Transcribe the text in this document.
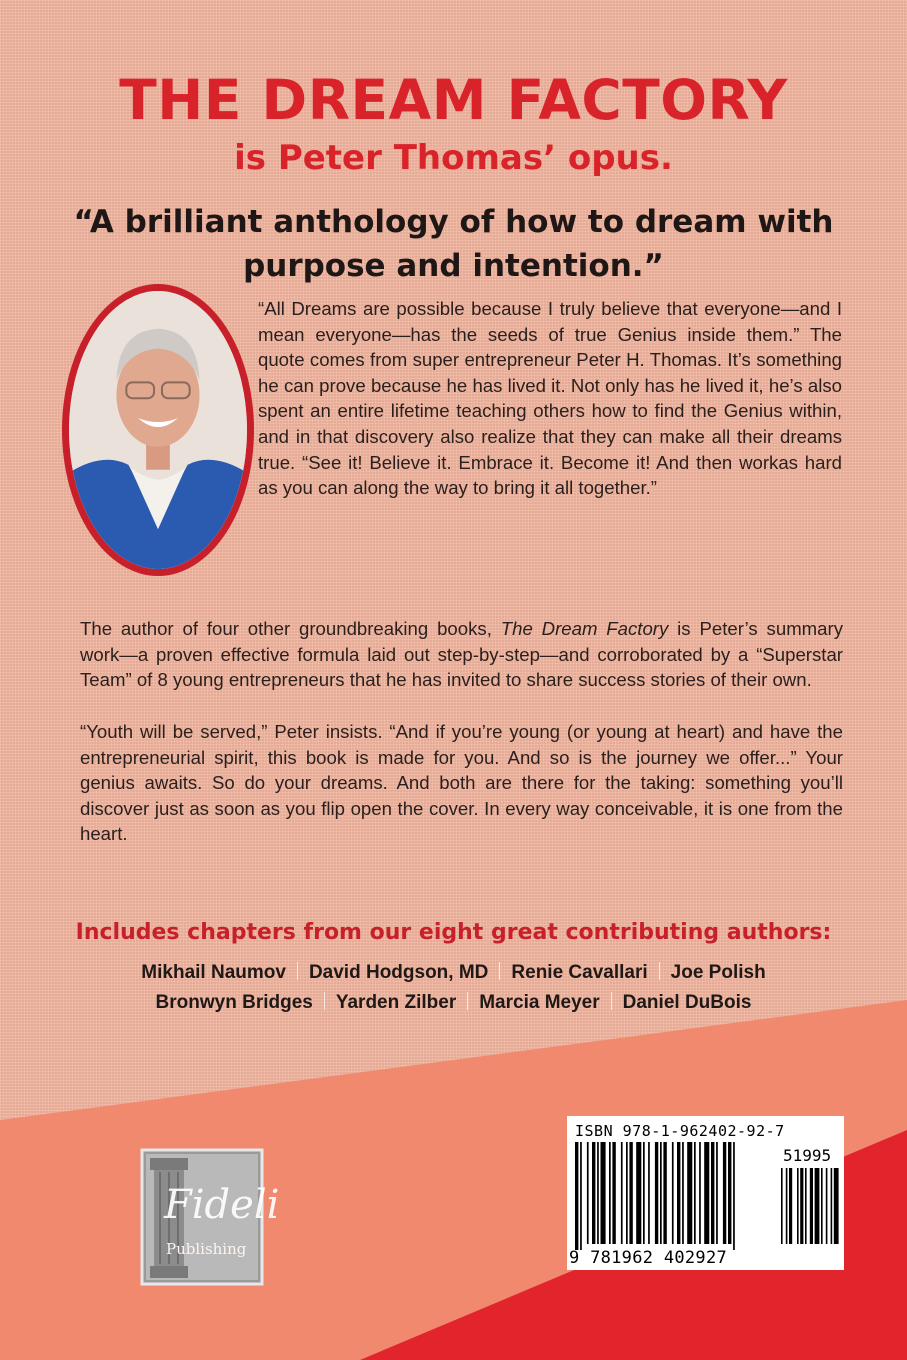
THE DREAM FACTORY
is Peter Thomas’ opus.

“A brilliant anthology of how to dream with purpose and intention.”

“All Dreams are possible because I truly believe that everyone—and I mean everyone—has the seeds of true Genius inside them.” The quote comes from super entrepreneur Peter H. Thomas. It’s something he can prove because he has lived it. Not only has he lived it, he’s also spent an entire lifetime teaching others how to find the Genius within, and in that discovery also realize that they can make all their dreams true. “See it! Believe it. Embrace it. Become it! And then workas hard as you can along the way to bring it all together.”

The author of four other groundbreaking books, The Dream Factory is Peter’s summary work—a proven effective formula laid out step-by-step—and corroborated by a “Superstar Team” of 8 young entrepreneurs that he has invited to share success stories of their own.

“Youth will be served,” Peter insists. “And if you’re young (or young at heart) and have the entrepreneurial spirit, this book is made for you. And so is the journey we offer...” Your genius awaits. So do your dreams. And both are there for the taking: something you’ll discover just as soon as you flip open the cover. In every way conceivable, it is one from the heart.

Includes chapters from our eight great contributing authors:

Mikhail Naumov David Hodgson, MD Renie Cavallari Joe Polish
Bronwyn Bridges Yarden Zilber Marcia Meyer Daniel DuBois
Fideli
Publishing
ISBN 978-1-962402-92-7
51995
9 781962 402927
